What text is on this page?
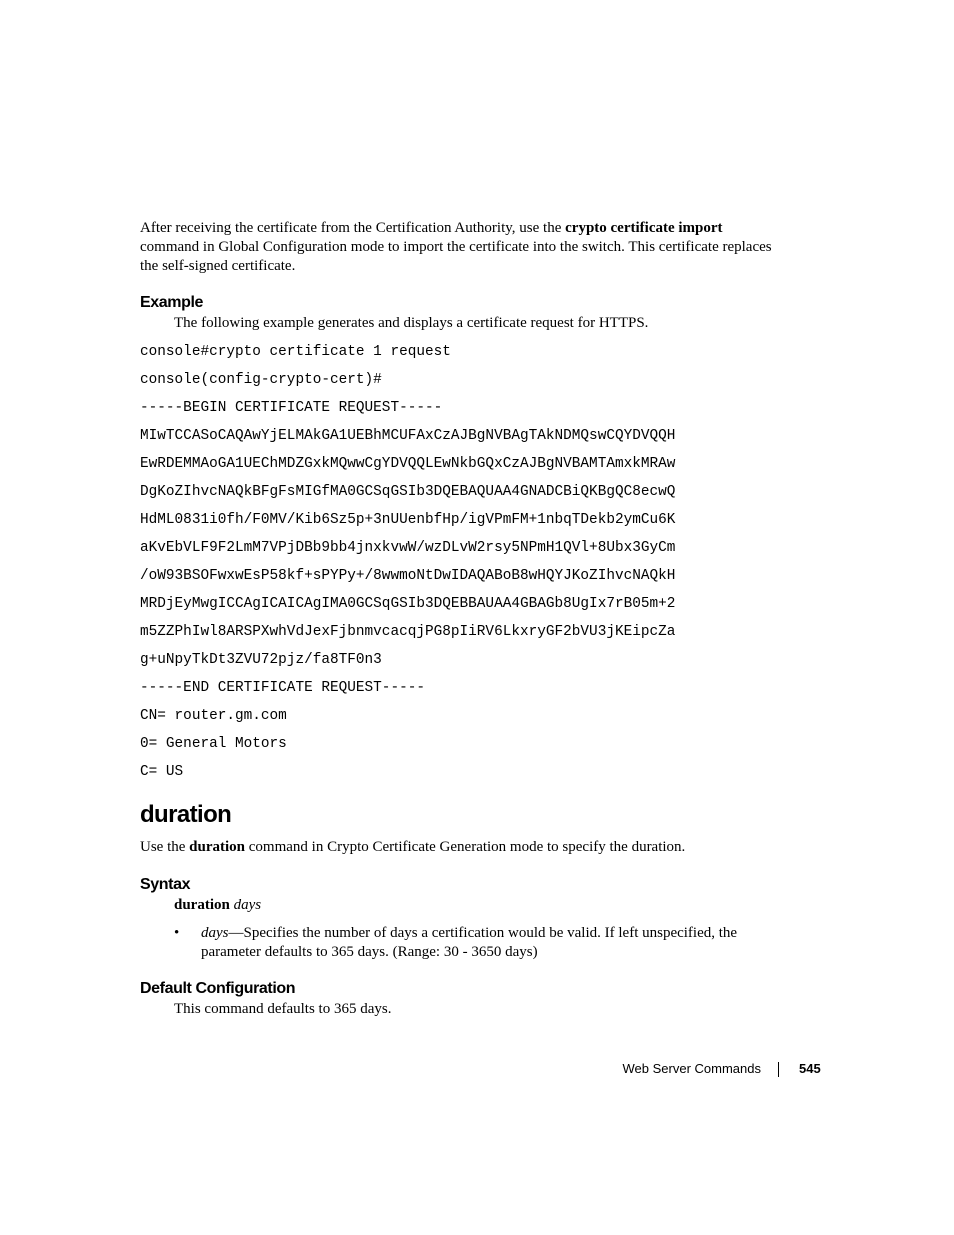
After receiving the certificate from the Certification Authority, use the crypto certificate import command in Global Configuration mode to import the certificate into the switch. This certificate replaces the self-signed certificate.

Example
The following example generates and displays a certificate request for HTTPS.
console#crypto certificate 1 request
console(config-crypto-cert)#
-----BEGIN CERTIFICATE REQUEST-----
MIwTCCASoCAQAwYjELMAkGA1UEBhMCUFAxCzAJBgNVBAgTAkNDMQswCQYDVQQH
EwRDEMMAoGA1UEChMDZGxkMQwwCgYDVQQLEwNkbGQxCzAJBgNVBAMTAmxkMRAw
DgKoZIhvcNAQkBFgFsMIGfMA0GCSqGSIb3DQEBAQUAA4GNADCBiQKBgQC8ecwQ
HdML0831i0fh/F0MV/Kib6Sz5p+3nUUenbfHp/igVPmFM+1nbqTDekb2ymCu6K
aKvEbVLF9F2LmM7VPjDBb9bb4jnxkvwW/wzDLvW2rsy5NPmH1QVl+8Ubx3GyCm
/oW93BSOFwxwEsP58kf+sPYPy+/8wwmoNtDwIDAQABoB8wHQYJKoZIhvcNAQkH
MRDjEyMwgICCAgICAICAgIMA0GCSqGSIb3DQEBBAUAA4GBAGb8UgIx7rB05m+2
m5ZZPhIwl8ARSPXwhVdJexFjbnmvcacqjPG8pIiRV6LkxryGF2bVU3jKEipcZa
g+uNpyTkDt3ZVU72pjz/fa8TF0n3
-----END CERTIFICATE REQUEST-----
CN= router.gm.com
0= General Motors
C= US
duration
Use the duration command in Crypto Certificate Generation mode to specify the duration.
Syntax
duration days
• days—Specifies the number of days a certification would be valid. If left unspecified, the parameter defaults to 365 days. (Range: 30 - 3650 days)
Default Configuration
This command defaults to 365 days.
Web Server Commands	545
